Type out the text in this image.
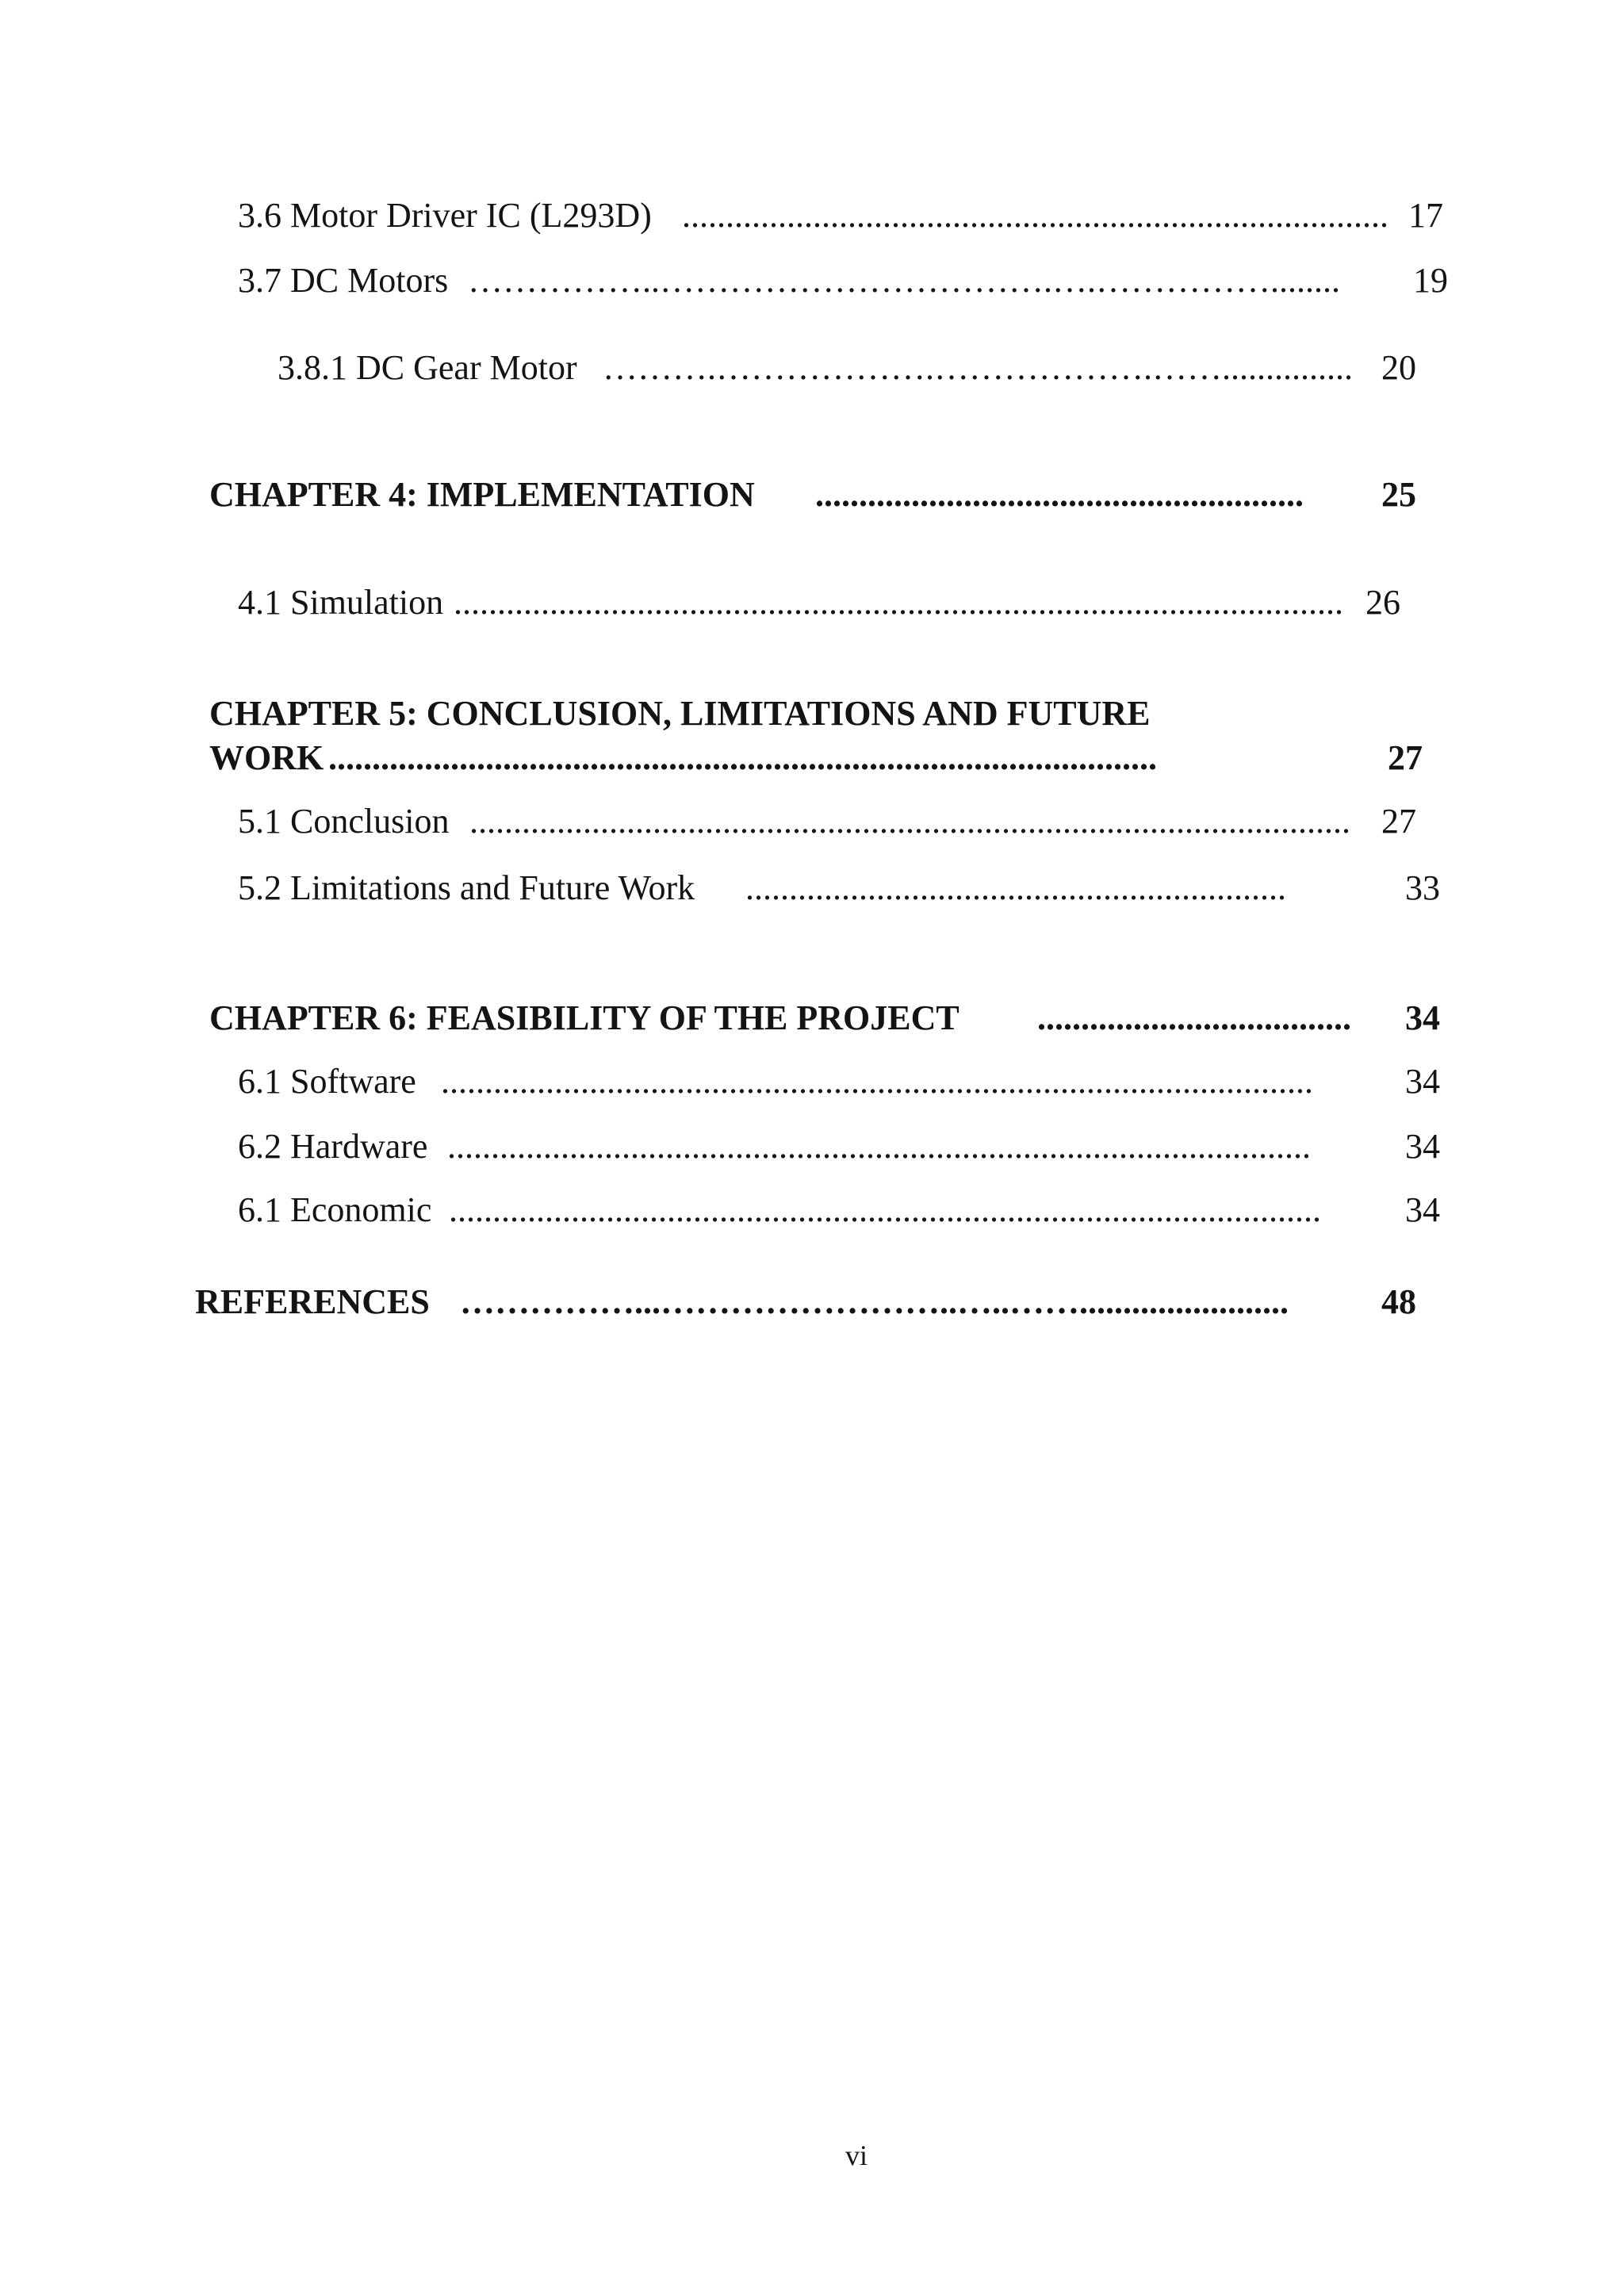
3.6 Motor Driver IC (L293D) ................................................................................. 17
3.7 DC Motors ……………..…………………………….….……………........	19
3.8.1 DC Gear Motor ……….……………….……………….……............... 20
CHAPTER 4: IMPLEMENTATION ........................................................	25
4.1 Simulation ...................................................................................................... 26
CHAPTER 5: CONCLUSION, LIMITATIONS AND FUTURE
WORK ...............................................................................................	27
5.1 Conclusion ..................................................................................................... 27
5.2 Limitations and Future Work ..............................................................	33
CHAPTER 6: FEASIBILITY OF THE PROJECT ....................................	34
6.1 Software ....................................................................................................	34
6.2 Hardware ...................................................................................................	34
6.1 Economic ....................................................................................................	34
REFERENCES ……………...……………………..…..……........................	48
vi
